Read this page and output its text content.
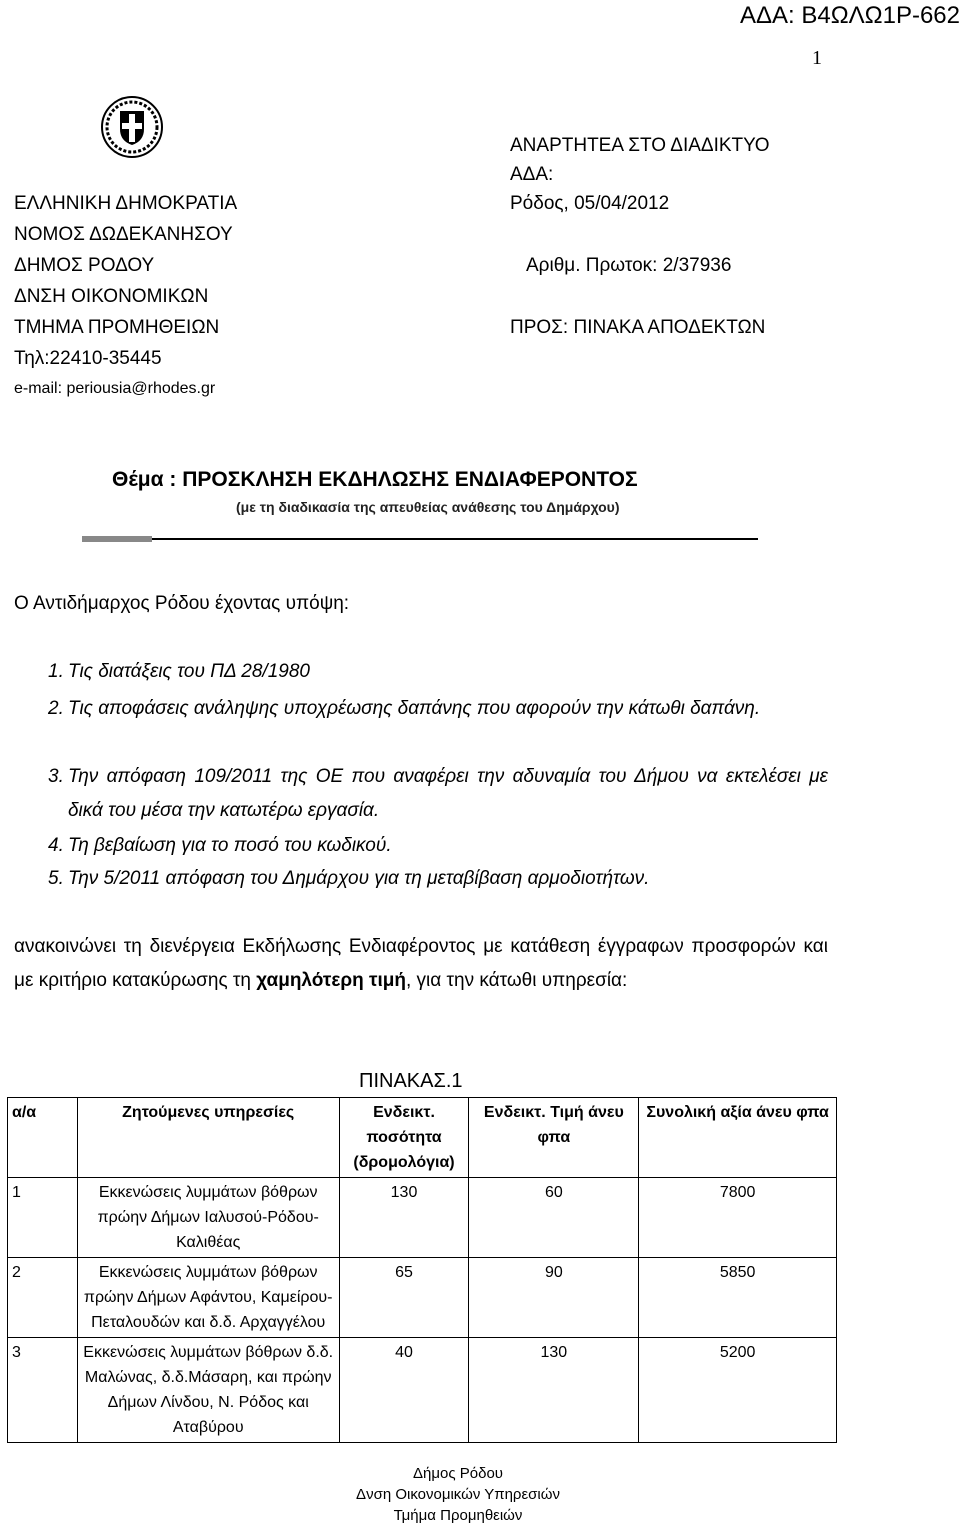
ΑΔΑ: Β4ΩΛΩ1Ρ-662
1
ΕΛΛΗΝΙΚΗ ΔΗΜΟΚΡΑΤΙΑ
ΝΟΜΟΣ ΔΩΔΕΚΑΝΗΣΟΥ
ΔΗΜΟΣ ΡΟΔΟΥ
ΔΝΣΗ ΟΙΚΟΝΟΜΙΚΩΝ
ΤΜΗΜΑ ΠΡΟΜΗΘΕΙΩΝ
Τηλ:22410-35445
e-mail: periousia@rhodes.gr
ΑΝΑΡΤΗΤΕΑ ΣΤΟ ΔΙΑΔΙΚΤΥΟ
ΑΔΑ:
Ρόδος, 05/04/2012
Αριθμ. Πρωτοκ: 2/37936
ΠΡΟΣ: ΠΙΝΑΚΑ ΑΠΟΔΕΚΤΩΝ
Θέμα : ΠΡΟΣΚΛΗΣΗ ΕΚΔΗΛΩΣΗΣ ΕΝΔΙΑΦΕΡΟΝΤΟΣ
(με τη διαδικασία της απευθείας ανάθεσης του Δημάρχου)
Ο Αντιδήμαρχος Ρόδου έχοντας υπόψη:
1. Τις διατάξεις του ΠΔ 28/1980
2. Τις αποφάσεις ανάληψης υποχρέωσης δαπάνης που αφορούν την κάτωθι δαπάνη.
3. Την απόφαση 109/2011 της ΟΕ που αναφέρει την αδυναμία του Δήμου να εκτελέσει με δικά του μέσα την κατωτέρω εργασία.
4. Τη βεβαίωση για το ποσό του κωδικού.
5. Την 5/2011 απόφαση του Δημάρχου για τη μεταβίβαση αρμοδιοτήτων.
ανακοινώνει τη διενέργεια Εκδήλωσης Ενδιαφέροντος με κατάθεση έγγραφων προσφορών και με κριτήριο κατακύρωσης τη χαμηλότερη τιμή, για την κάτωθι υπηρεσία:
ΠΙΝΑΚΑΣ.1
α/α	Ζητούμενες υπηρεσίες	Ενδεικτ. ποσότητα (δρομολόγια)	Ενδεικτ. Τιμή άνευ φπα	Συνολική αξία άνευ φπα
1	Εκκενώσεις λυμμάτων βόθρων πρώην Δήμων Ιαλυσού-Ρόδου-Καλιθέας	130	60	7800
2	Εκκενώσεις λυμμάτων βόθρων πρώην Δήμων Αφάντου, Καμείρου-Πεταλουδών και δ.δ. Αρχαγγέλου	65	90	5850
3	Εκκενώσεις λυμμάτων βόθρων δ.δ. Μαλώνας, δ.δ.Μάσαρη, και πρώην Δήμων Λίνδου, Ν. Ρόδος και Αταβύρου	40	130	5200
Δήμος Ρόδου
Δνση Οικονομικών Υπηρεσιών
Τμήμα Προμηθειών
